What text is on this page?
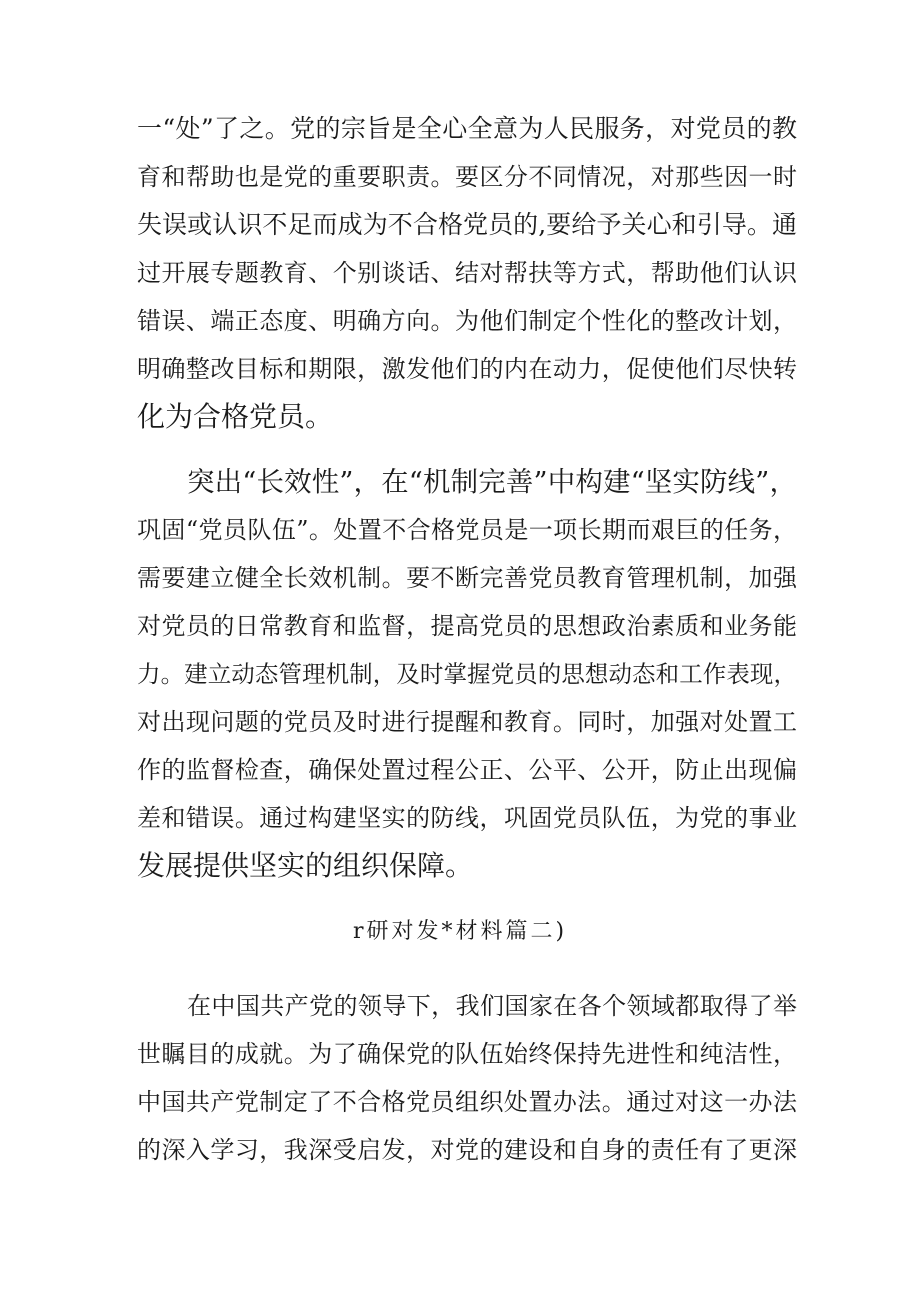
一“处”了之。党的宗旨是全心全意为人民服务，对党员的教
育和帮助也是党的重要职责。要区分不同情况，对那些因一时
失误或认识不足而成为不合格党员的,要给予关心和引导。通
过开展专题教育、个别谈话、结对帮扶等方式，帮助他们认识
错误、端正态度、明确方向。为他们制定个性化的整改计划，
明确整改目标和期限，激发他们的内在动力，促使他们尽快转
化为合格党员。
突出“长效性”，在“机制完善”中构建“坚实防线”，
巩固“党员队伍”。处置不合格党员是一项长期而艰巨的任务，
需要建立健全长效机制。要不断完善党员教育管理机制，加强
对党员的日常教育和监督，提高党员的思想政治素质和业务能
力。建立动态管理机制，及时掌握党员的思想动态和工作表现，
对出现问题的党员及时进行提醒和教育。同时，加强对处置工
作的监督检查，确保处置过程公正、公平、公开，防止出现偏
差和错误。通过构建坚实的防线，巩固党员队伍，为党的事业
发展提供坚实的组织保障。
r研对发*材料篇二)
在中国共产党的领导下，我们国家在各个领域都取得了举
世瞩目的成就。为了确保党的队伍始终保持先进性和纯洁性，
中国共产党制定了不合格党员组织处置办法。通过对这一办法
的深入学习，我深受启发，对党的建设和自身的责任有了更深
